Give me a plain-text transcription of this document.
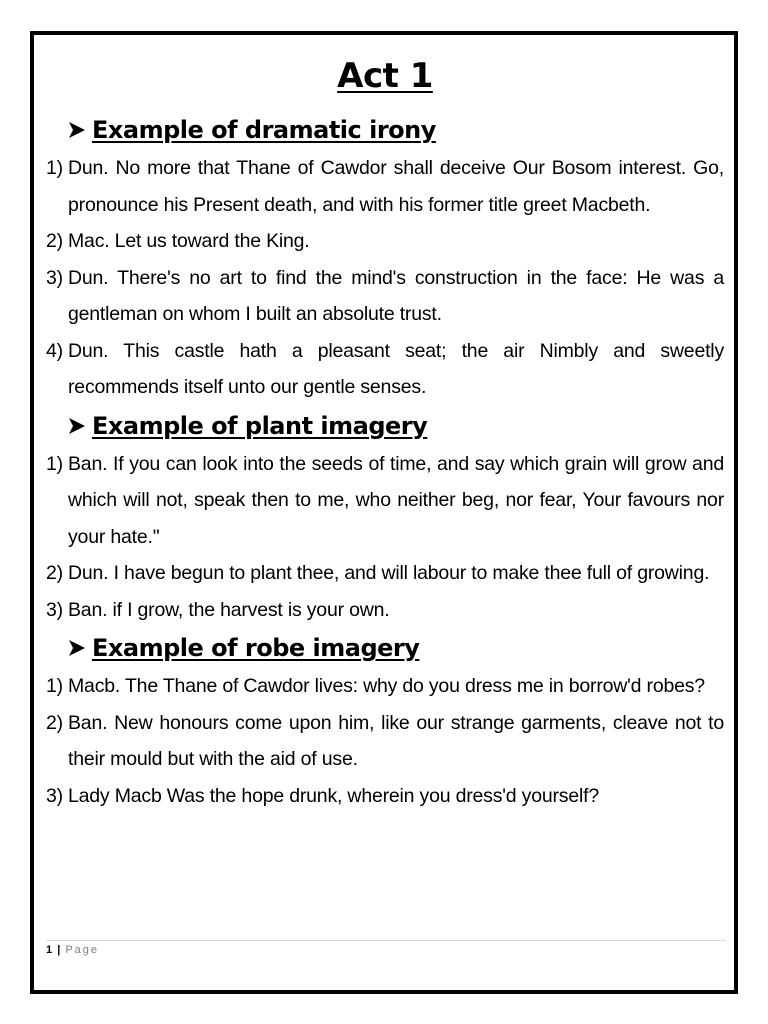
Act 1
Example of dramatic irony
1) Dun. No more that Thane of Cawdor shall deceive Our Bosom interest. Go, pronounce his Present death, and with his former title greet Macbeth.
2) Mac. Let us toward the King.
3) Dun. There's no art to find the mind's construction in the face: He was a gentleman on whom I built an absolute trust.
4) Dun. This castle hath a pleasant seat; the air Nimbly and sweetly recommends itself unto our gentle senses.
Example of plant imagery
1) Ban. If you can look into the seeds of time, and say which grain will grow and which will not, speak then to me, who neither beg, nor fear, Your favours nor your hate."
2) Dun. I have begun to plant thee, and will labour to make thee full of growing.
3) Ban. if I grow, the harvest is your own.
Example of robe imagery
1) Macb. The Thane of Cawdor lives: why do you dress me in borrow'd robes?
2) Ban. New honours come upon him, like our strange garments, cleave not to their mould but with the aid of use.
3) Lady Macb Was the hope drunk, wherein you dress'd yourself?
1 | Page
